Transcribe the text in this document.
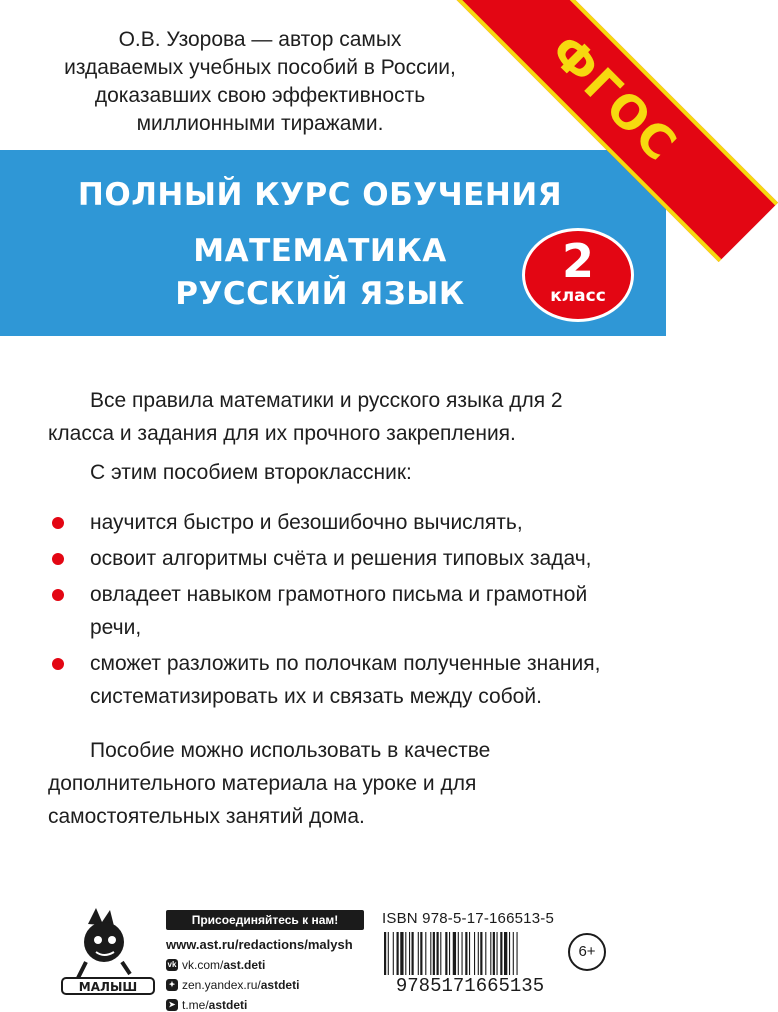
О.В. Узорова — автор самых
издаваемых учебных пособий в России,
доказавших свою эффективность
миллионными тиражами.
ПОЛНЫЙ КУРС ОБУЧЕНИЯ
МАТЕМАТИКА
РУССКИЙ ЯЗЫК
2
класс
ФГОС
Все правила математики и русского языка для 2 класса и задания для их прочного закрепления.
С этим пособием второклассник:
научится быстро и безошибочно вычислять,
освоит алгоритмы счёта и решения типовых задач,
овладеет навыком грамотного письма и грамотной речи,
сможет разложить по полочкам полученные знания, систематизировать их и связать между собой.
Пособие можно использовать в качестве дополнительного материала на уроке и для самостоятельных занятий дома.
МАЛЫШ
Присоединяйтесь к нам!
www.ast.ru/redactions/malysh
vk vk.com/ast.deti
✦ zen.yandex.ru/astdeti
➤ t.me/astdeti
ISBN 978-5-17-166513-5
9785171665135
6+
